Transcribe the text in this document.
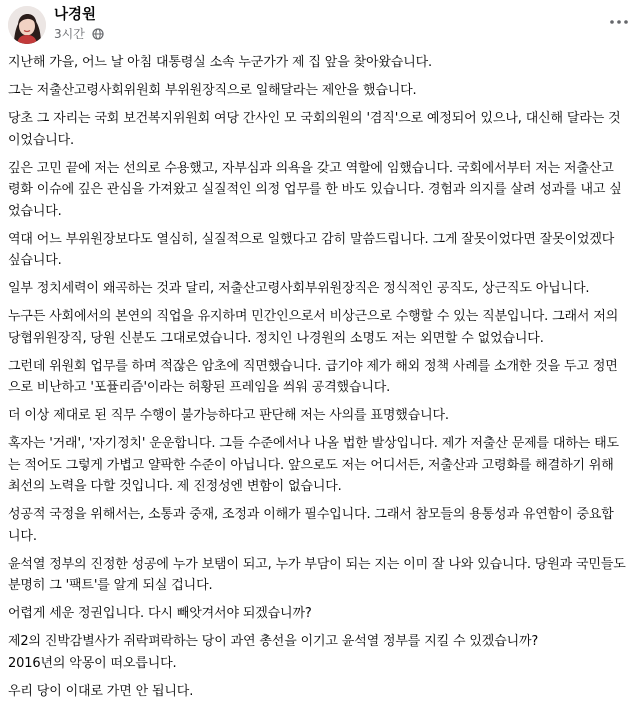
나경원
3시간

지난해 가을, 어느 날 아침 대통령실 소속 누군가가 제 집 앞을 찾아왔습니다.

그는 저출산고령사회위원회 부위원장직으로 일해달라는 제안을 했습니다.

당초 그 자리는 국회 보건복지위원회 여당 간사인 모 국회의원의 '겸직'으로 예정되어 있으나, 대신해 달라는 것이었습니다.

깊은 고민 끝에 저는 선의로 수용했고, 자부심과 의욕을 갖고 역할에 임했습니다. 국회에서부터 저는 저출산고령화 이슈에 깊은 관심을 가져왔고 실질적인 의정 업무를 한 바도 있습니다. 경험과 의지를 살려 성과를 내고 싶었습니다.

역대 어느 부위원장보다도 열심히, 실질적으로 일했다고 감히 말씀드립니다. 그게 잘못이었다면 잘못이었겠다 싶습니다.

일부 정치세력이 왜곡하는 것과 달리, 저출산고령사회부위원장직은 정식적인 공직도, 상근직도 아닙니다.

누구든 사회에서의 본연의 직업을 유지하며 민간인으로서 비상근으로 수행할 수 있는 직분입니다. 그래서 저의 당협위원장직, 당원 신분도 그대로였습니다. 정치인 나경원의 소명도 저는 외면할 수 없었습니다.

그런데 위원회 업무를 하며 적잖은 암초에 직면했습니다. 급기야 제가 해외 정책 사례를 소개한 것을 두고 정면으로 비난하고 '포퓰리즘'이라는 허황된 프레임을 씌워 공격했습니다.

더 이상 제대로 된 직무 수행이 불가능하다고 판단해 저는 사의를 표명했습니다.

혹자는 '거래', '자기정치' 운운합니다. 그들 수준에서나 나올 법한 발상입니다. 제가 저출산 문제를 대하는 태도는 적어도 그렇게 가볍고 얄팍한 수준이 아닙니다. 앞으로도 저는 어디서든, 저출산과 고령화를 해결하기 위해 최선의 노력을 다할 것입니다. 제 진정성엔 변함이 없습니다.

성공적 국정을 위해서는, 소통과 중재, 조정과 이해가 필수입니다. 그래서 참모들의 용통성과 유연함이 중요합니다.

윤석열 정부의 진정한 성공에 누가 보탬이 되고, 누가 부담이 되는 지는 이미 잘 나와 있습니다. 당원과 국민들도 분명히 그 '팩트'를 알게 되실 겁니다.

어렵게 세운 정권입니다. 다시 빼앗겨서야 되겠습니까?

제2의 진박감별사가 쥐락펴락하는 당이 과연 총선을 이기고 윤석열 정부를 지킬 수 있겠습니까?
2016년의 악몽이 떠오릅니다.

우리 당이 이대로 가면 안 됩니다.
